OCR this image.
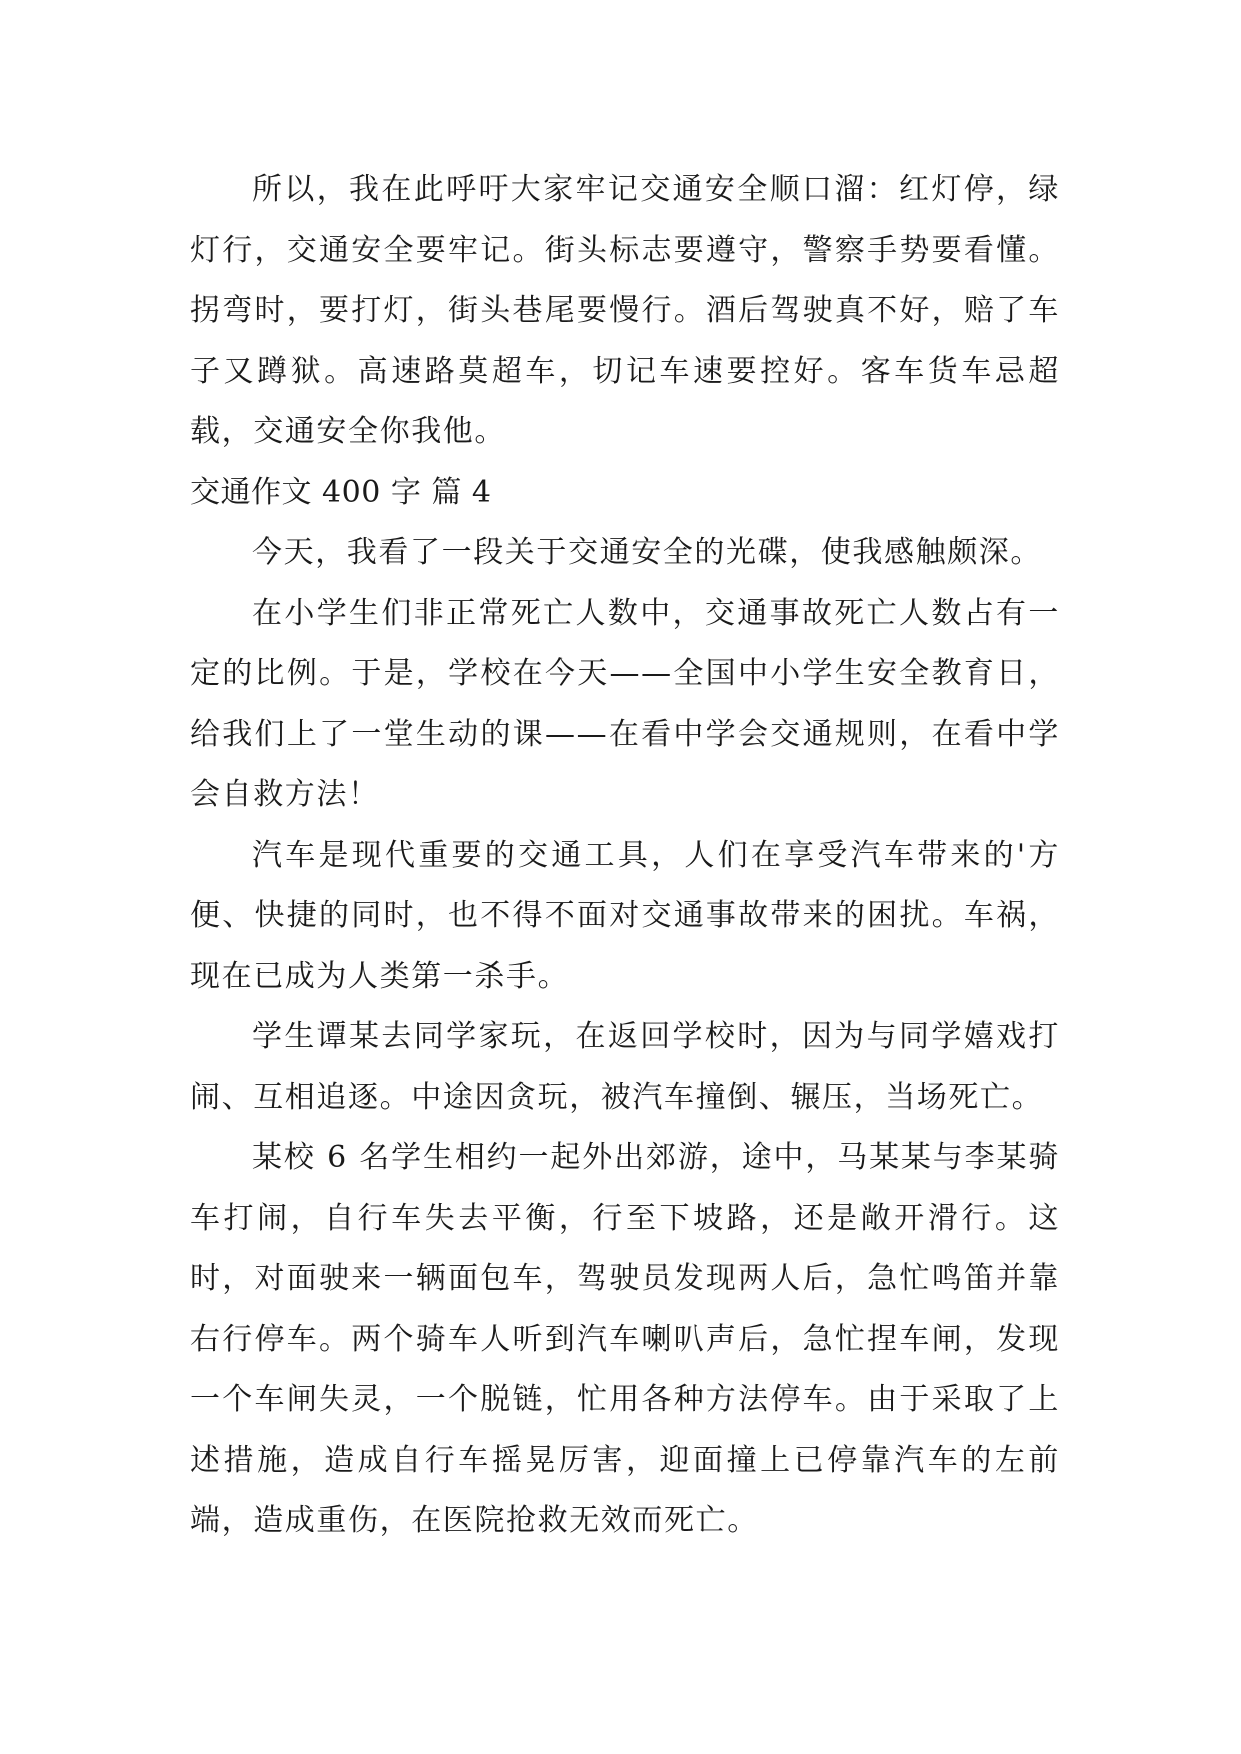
所以，我在此呼吁大家牢记交通安全顺口溜：红灯停，绿灯行，交通安全要牢记。街头标志要遵守，警察手势要看懂。拐弯时，要打灯，街头巷尾要慢行。酒后驾驶真不好，赔了车子又蹲狱。高速路莫超车，切记车速要控好。客车货车忌超载，交通安全你我他。

交通作文 400 字 篇 4

今天，我看了一段关于交通安全的光碟，使我感触颇深。

在小学生们非正常死亡人数中，交通事故死亡人数占有一定的比例。于是，学校在今天——全国中小学生安全教育日，给我们上了一堂生动的课——在看中学会交通规则，在看中学会自救方法！

汽车是现代重要的交通工具，人们在享受汽车带来的'方便、快捷的同时，也不得不面对交通事故带来的困扰。车祸，现在已成为人类第一杀手。

学生谭某去同学家玩，在返回学校时，因为与同学嬉戏打闹、互相追逐。中途因贪玩，被汽车撞倒、辗压，当场死亡。

某校 6 名学生相约一起外出郊游，途中，马某某与李某骑车打闹，自行车失去平衡，行至下坡路，还是敞开滑行。这时，对面驶来一辆面包车，驾驶员发现两人后，急忙鸣笛并靠右行停车。两个骑车人听到汽车喇叭声后，急忙捏车闸，发现一个车闸失灵，一个脱链，忙用各种方法停车。由于采取了上述措施，造成自行车摇晃厉害，迎面撞上已停靠汽车的左前端，造成重伤，在医院抢救无效而死亡。
